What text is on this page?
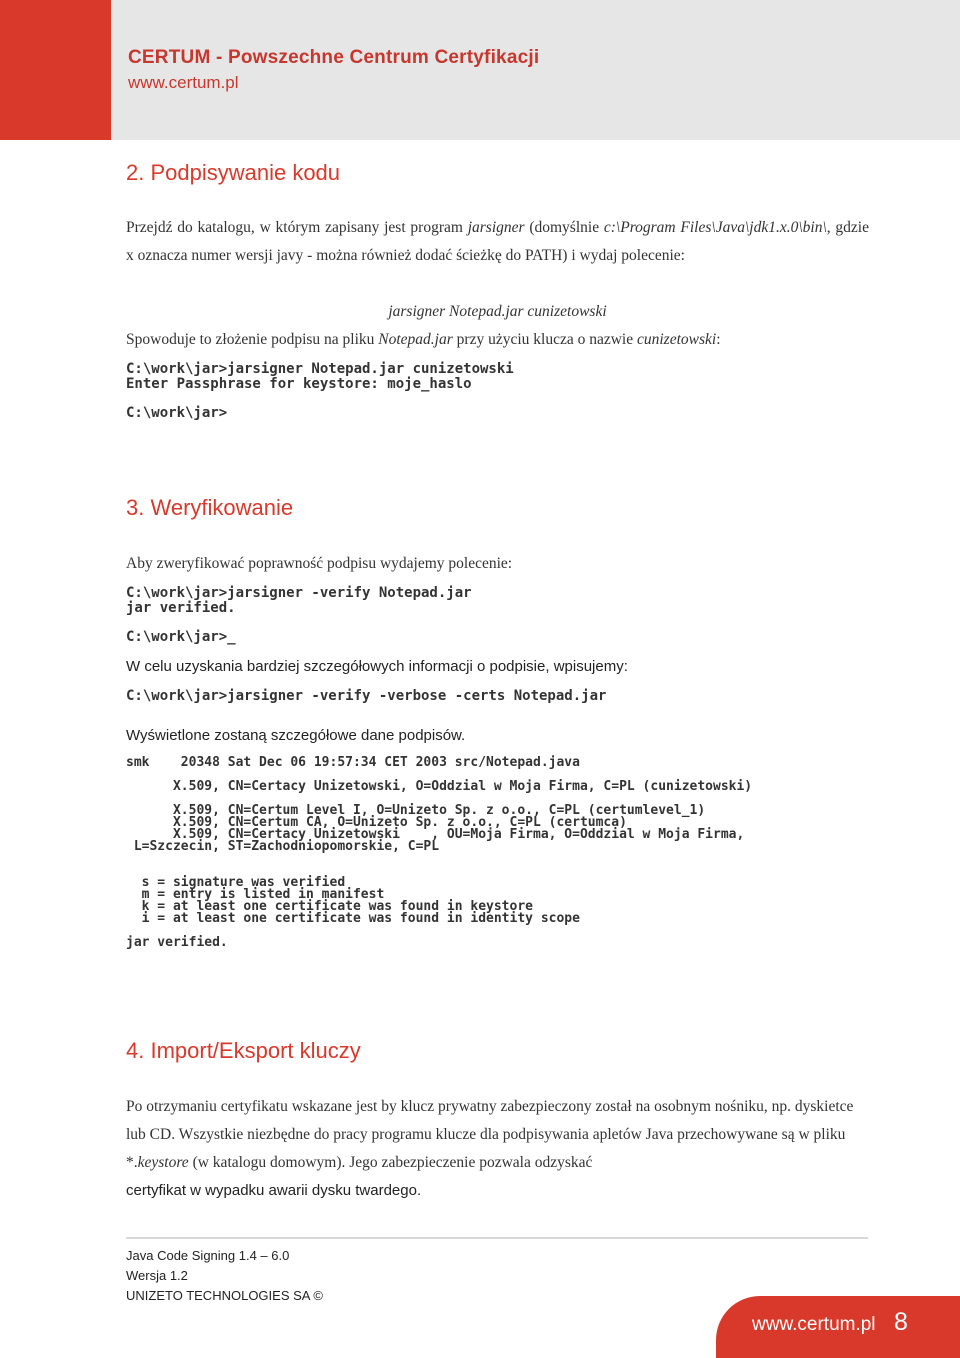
CERTUM - Powszechne Centrum Certyfikacji
www.certum.pl
2. Podpisywanie kodu
Przejdź do katalogu, w którym zapisany jest program jarsigner (domyślnie c:\Program Files\Java\jdk1.x.0\bin\, gdzie x oznacza numer wersji javy - można również dodać ścieżkę do PATH) i wydaj polecenie:
jarsigner Notepad.jar cunizetowski
Spowoduje to złożenie podpisu na pliku Notepad.jar przy użyciu klucza o nazwie cunizetowski:
C:\work\jar>jarsigner Notepad.jar cunizetowski
Enter Passphrase for keystore: moje_haslo

C:\work\jar>
3. Weryfikowanie
Aby zweryfikować poprawność podpisu wydajemy polecenie:
C:\work\jar>jarsigner -verify Notepad.jar
jar verified.

C:\work\jar>_
W celu uzyskania bardziej szczegółowych informacji o podpisie, wpisujemy:
C:\work\jar>jarsigner -verify -verbose -certs Notepad.jar
Wyświetlone zostaną szczegółowe dane podpisów.
smk    20348 Sat Dec 06 19:57:34 CET 2003 src/Notepad.java

X.509, CN=Certacy Unizetowski, O=Oddzial w Moja Firma, C=PL (cunizetowski)

X.509, CN=Certum Level I, O=Unizeto Sp. z o.o., C=PL (certumlevel_1)
X.509, CN=Certum CA, O=Unizeto Sp. z o.o., C=PL (certumca)
X.509, CN=Certacy Unizetowski    , OU=Moja Firma, O=Oddzial w Moja Firma,
L=Szczecin, ST=Zachodniopomorskie, C=PL

s = signature was verified
m = entry is listed in manifest
k = at least one certificate was found in keystore
i = at least one certificate was found in identity scope

jar verified.
4. Import/Eksport kluczy
Po otrzymaniu certyfikatu wskazane jest by klucz prywatny zabezpieczony został na osobnym nośniku, np. dyskietce lub CD. Wszystkie niezbędne do pracy programu klucze dla podpisywania apletów Java przechowywane są w pliku *.keystore (w katalogu domowym). Jego zabezpieczenie pozwala odzyskać
certyfikat w wypadku awarii dysku twardego.
Java Code Signing 1.4 – 6.0
Wersja 1.2
UNIZETO TECHNOLOGIES SA ©
www.certum.pl 8
